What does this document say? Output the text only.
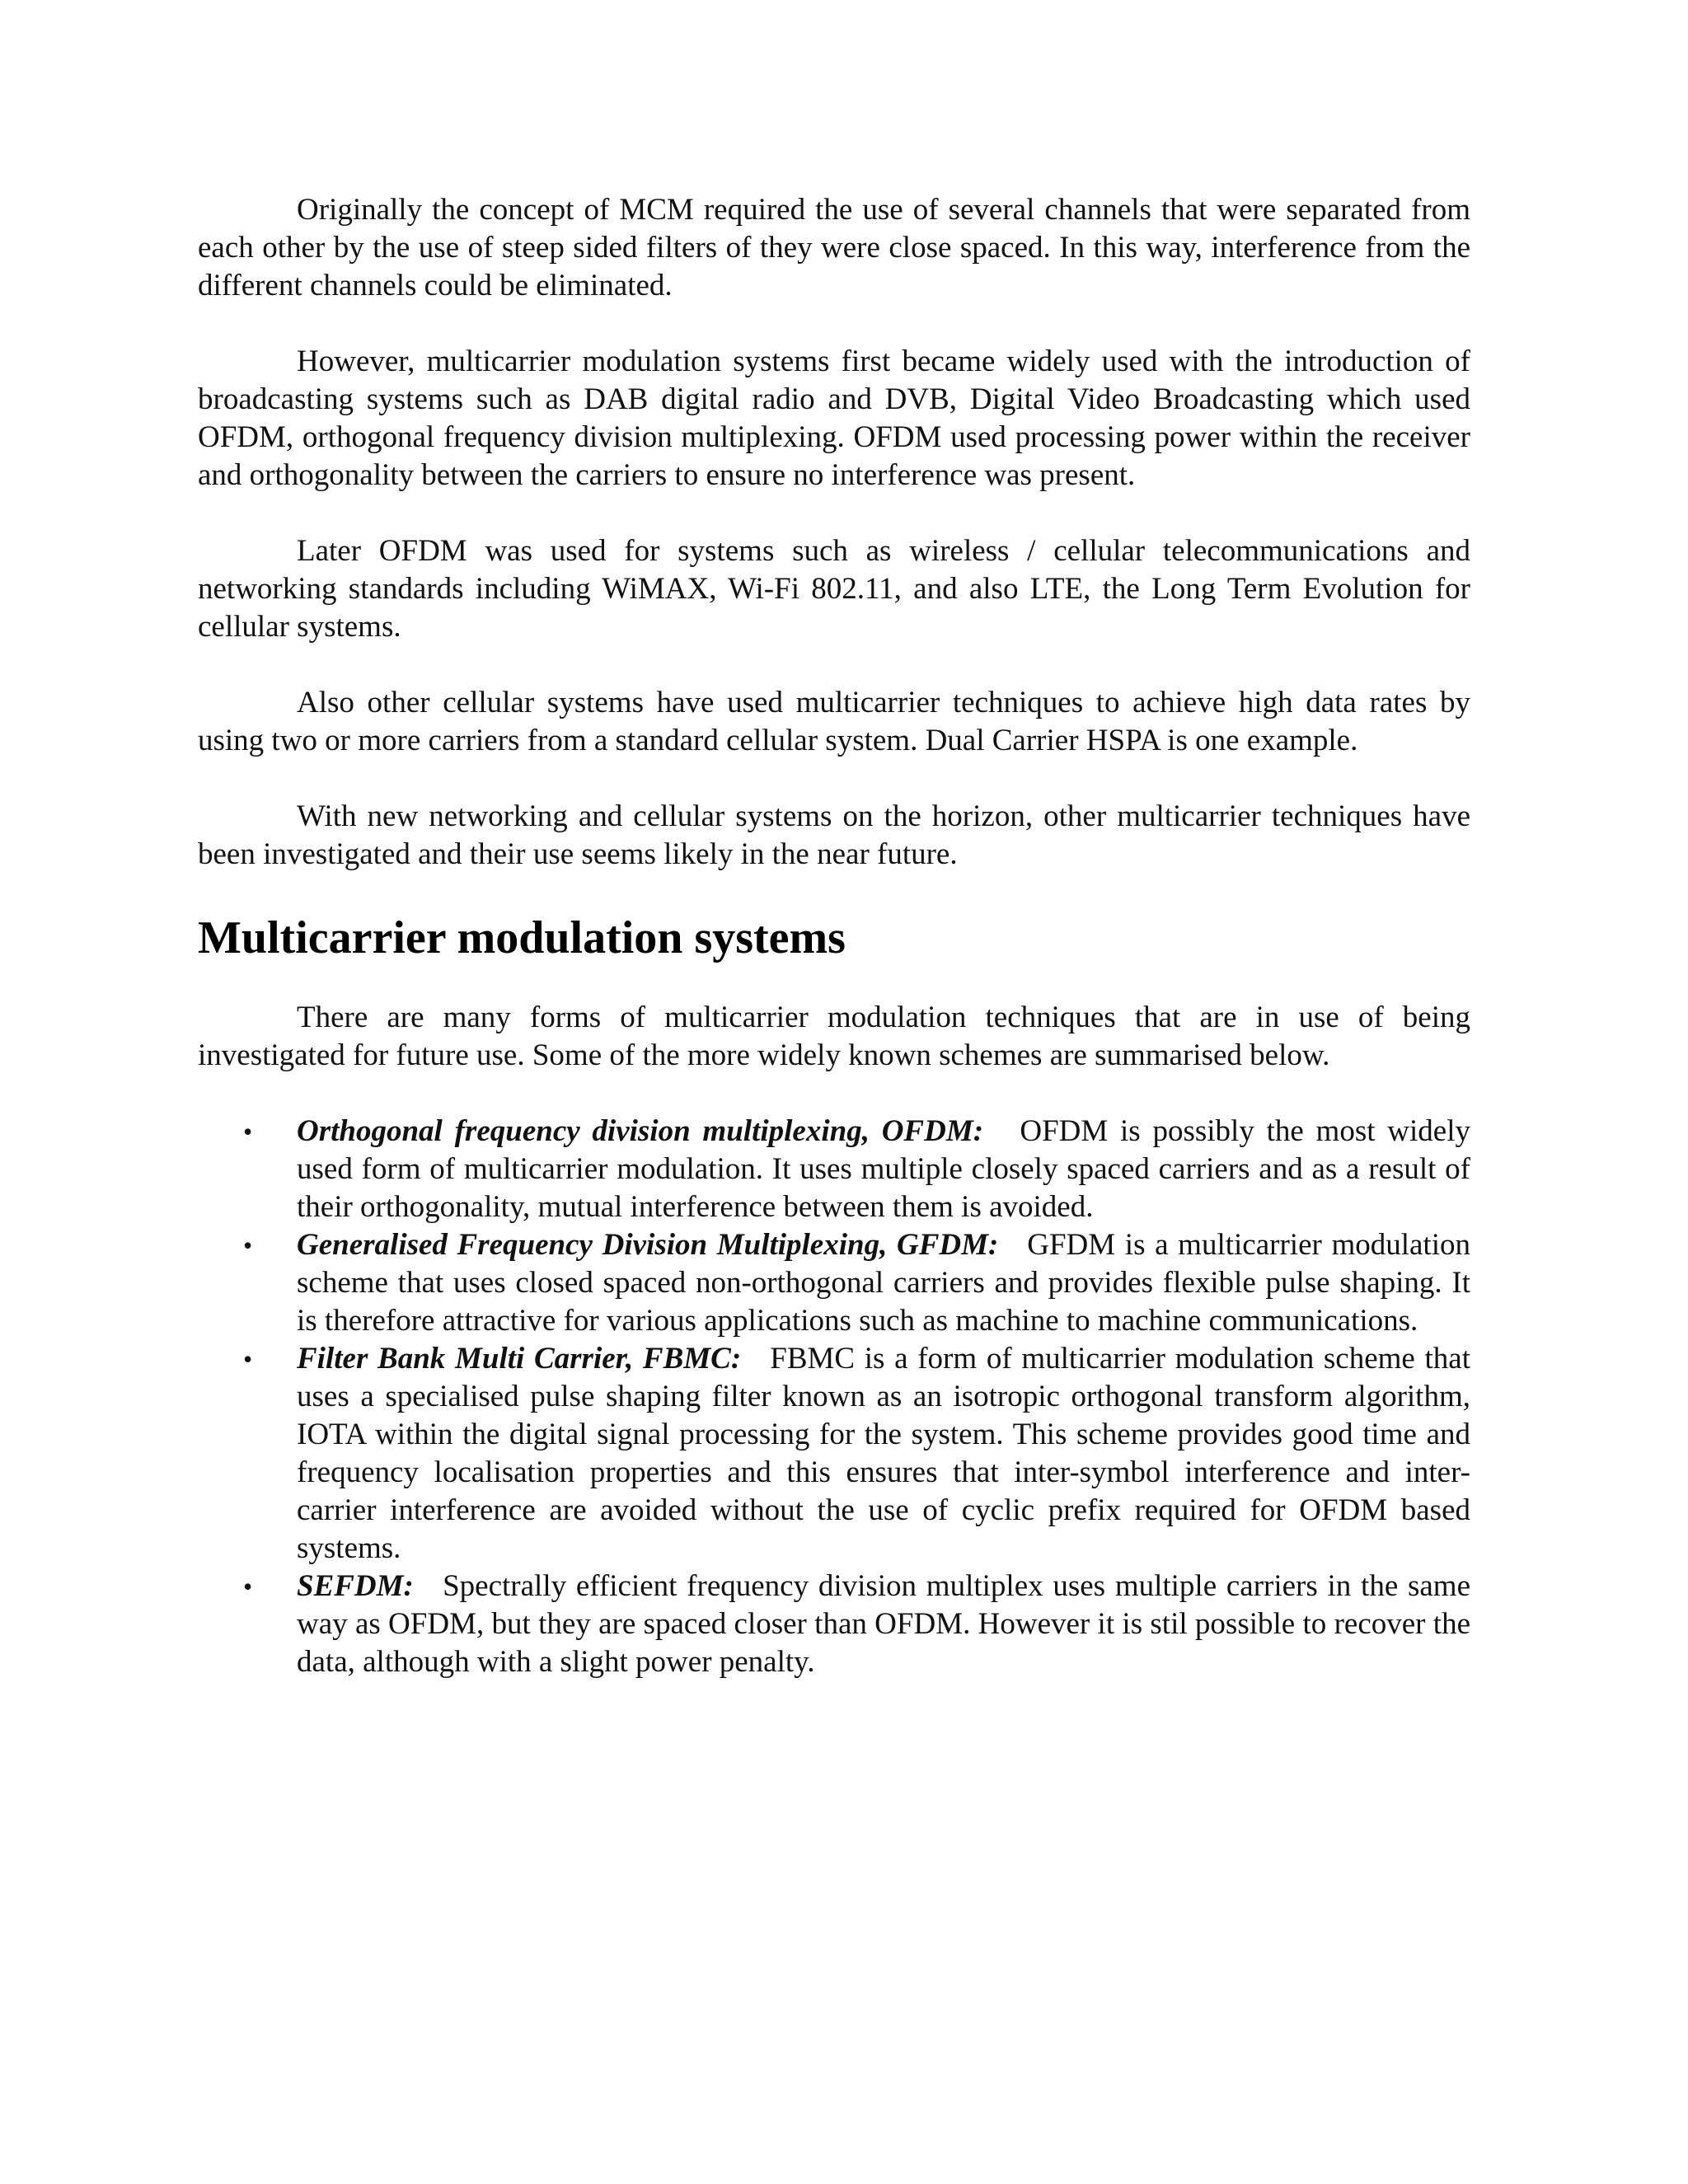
Originally the concept of MCM required the use of several channels that were separated from each other by the use of steep sided filters of they were close spaced. In this way, interference from the different channels could be eliminated.

However, multicarrier modulation systems first became widely used with the introduction of broadcasting systems such as DAB digital radio and DVB, Digital Video Broadcasting which used OFDM, orthogonal frequency division multiplexing. OFDM used processing power within the receiver and orthogonality between the carriers to ensure no interference was present.

Later OFDM was used for systems such as wireless / cellular telecommunications and networking standards including WiMAX, Wi-Fi 802.11, and also LTE, the Long Term Evolution for cellular systems.

Also other cellular systems have used multicarrier techniques to achieve high data rates by using two or more carriers from a standard cellular system. Dual Carrier HSPA is one example.

With new networking and cellular systems on the horizon, other multicarrier techniques have been investigated and their use seems likely in the near future.

Multicarrier modulation systems

There are many forms of multicarrier modulation techniques that are in use of being investigated for future use. Some of the more widely known schemes are summarised below.

• Orthogonal frequency division multiplexing, OFDM: OFDM is possibly the most widely used form of multicarrier modulation. It uses multiple closely spaced carriers and as a result of their orthogonality, mutual interference between them is avoided.
• Generalised Frequency Division Multiplexing, GFDM: GFDM is a multicarrier modulation scheme that uses closed spaced non-orthogonal carriers and provides flexible pulse shaping. It is therefore attractive for various applications such as machine to machine communications.
• Filter Bank Multi Carrier, FBMC: FBMC is a form of multicarrier modulation scheme that uses a specialised pulse shaping filter known as an isotropic orthogonal transform algorithm, IOTA within the digital signal processing for the system. This scheme provides good time and frequency localisation properties and this ensures that inter-symbol interference and inter-carrier interference are avoided without the use of cyclic prefix required for OFDM based systems.
• SEFDM: Spectrally efficient frequency division multiplex uses multiple carriers in the same way as OFDM, but they are spaced closer than OFDM. However it is stil possible to recover the data, although with a slight power penalty.
